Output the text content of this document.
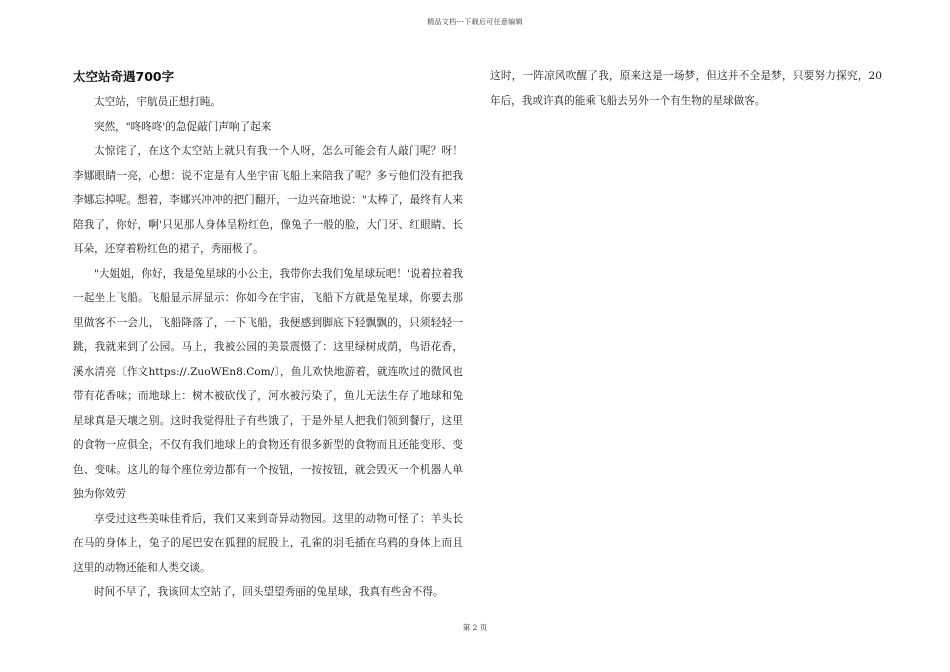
精品文档---下载后可任意编辑
太空站奇遇700字

太空站，宇航员正想打盹。

突然，"咚咚咚'的急促敲门声响了起来

太惊诧了，在这个太空站上就只有我一个人呀，怎么可能会有人敲门呢？呀！李娜眼睛一亮，心想：说不定是有人坐宇宙飞船上来陪我了呢？多亏他们没有把我李娜忘掉呢。想着，李娜兴冲冲的把门翻开，一边兴奋地说："太棒了，最终有人来陪我了，你好，啊'只见那人身体呈粉红色，像兔子一般的脸，大门牙、红眼睛、长耳朵，还穿着粉红色的裙子，秀丽极了。

"大姐姐，你好，我是兔星球的小公主，我带你去我们兔星球玩吧！'说着拉着我一起坐上飞船。飞船显示屏显示：你如今在宇宙，飞船下方就是兔星球，你要去那里做客不一会儿，飞船降落了，一下飞船，我便感到脚底下轻飘飘的，只须轻轻一跳，我就来到了公园。马上，我被公园的美景震慑了：这里绿树成荫，鸟语花香，溪水清亮〔作文https://.ZuoWEn8.Com/〕，鱼儿欢快地游着，就连吹过的微风也带有花香味；而地球上：树木被砍伐了，河水被污染了，鱼儿无法生存了地球和兔星球真是天壤之别。这时我觉得肚子有些饿了，于是外星人把我们领到餐厅，这里的食物一应俱全，不仅有我们地球上的食物还有很多新型的食物而且还能变形、变色、变味。这儿的每个座位旁边都有一个按钮，一按按钮，就会毁灭一个机器人单独为你效劳

享受过这些美味佳肴后，我们又来到奇异动物园。这里的动物可怪了：羊头长在马的身体上，兔子的尾巴安在狐狸的屁股上，孔雀的羽毛插在乌鸦的身体上而且这里的动物还能和人类交谈。

时间不早了，我该回太空站了，回头望望秀丽的兔星球，我真有些舍不得。

这时，一阵凉风吹醒了我，原来这是一场梦，但这并不全是梦，只要努力探究，20年后，我或许真的能乘飞船去另外一个有生物的星球做客。

第 2 页
